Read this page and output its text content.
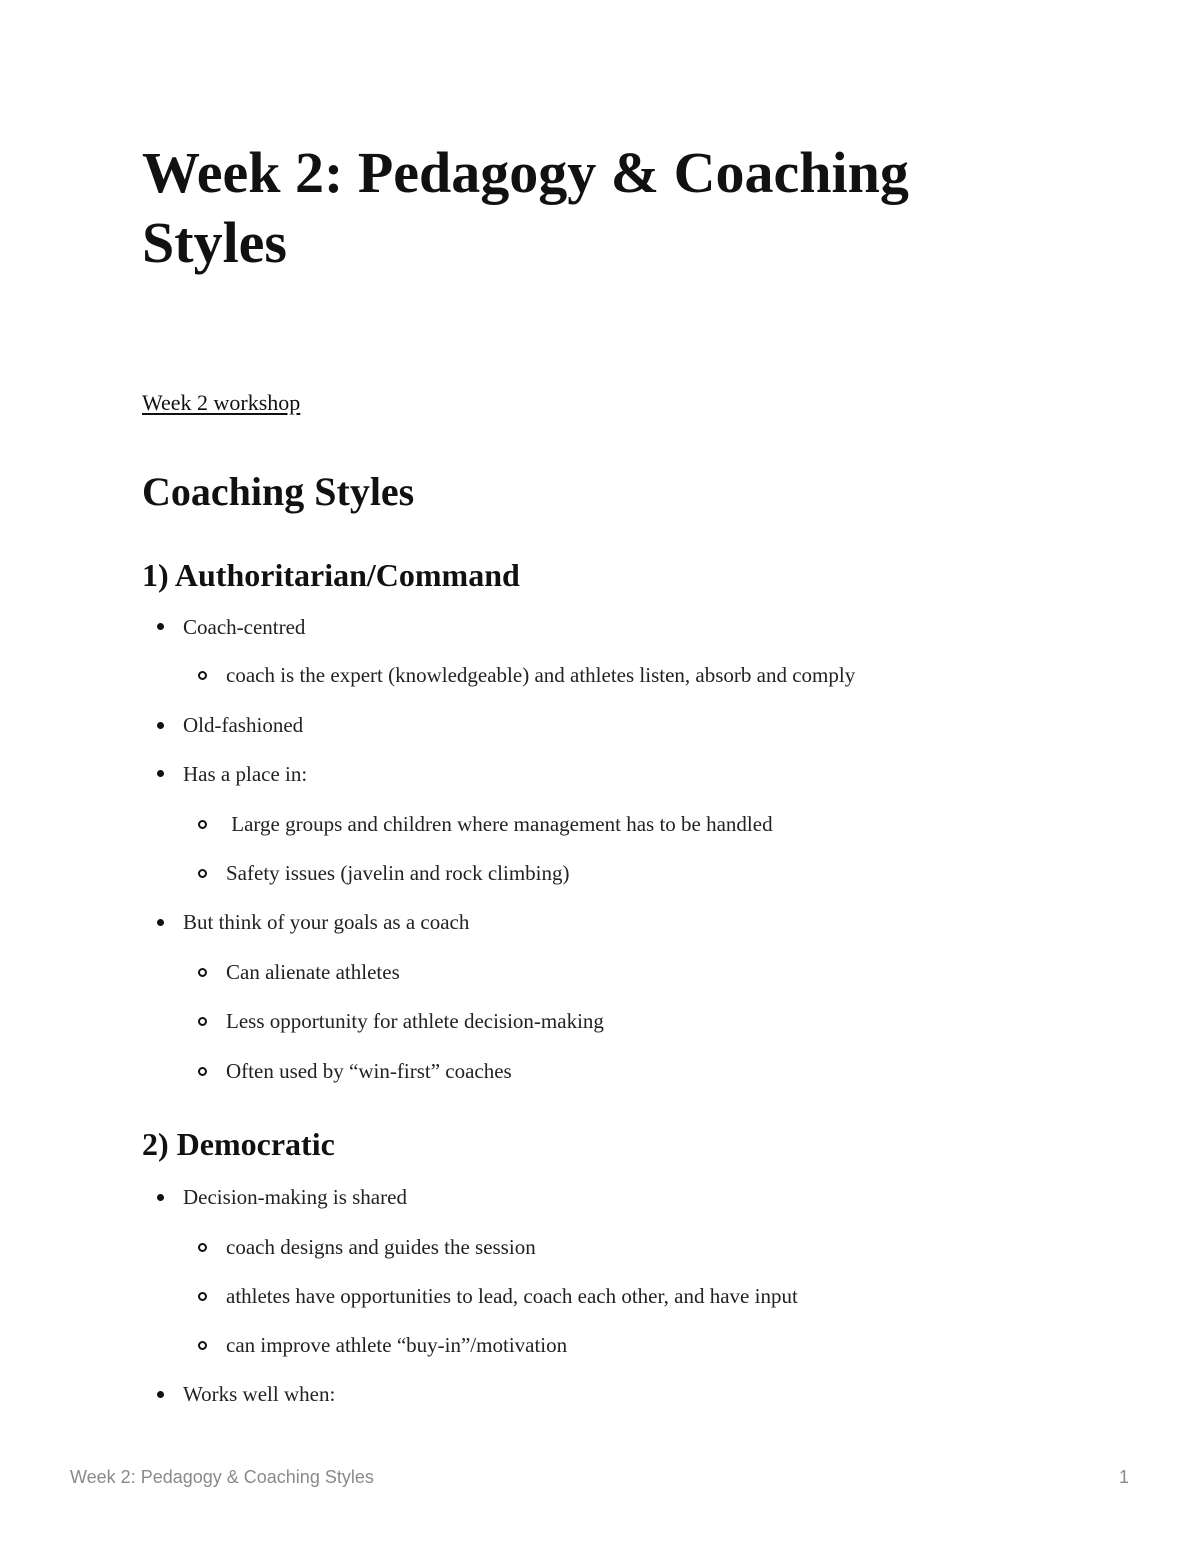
Week 2: Pedagogy & Coaching Styles
Week 2 workshop
Coaching Styles
1) Authoritarian/Command

Coach-centred

coach is the expert (knowledgeable) and athletes listen, absorb and comply

Old-fashioned

Has a place in:

Large groups and children where management has to be handled

Safety issues (javelin and rock climbing)

But think of your goals as a coach

Can alienate athletes

Less opportunity for athlete decision-making

Often used by “win-first” coaches

2) Democratic

Decision-making is shared

coach designs and guides the session

athletes have opportunities to lead, coach each other, and have input

can improve athlete “buy-in”/motivation

Works well when:

Week 2: Pedagogy & Coaching Styles	1
